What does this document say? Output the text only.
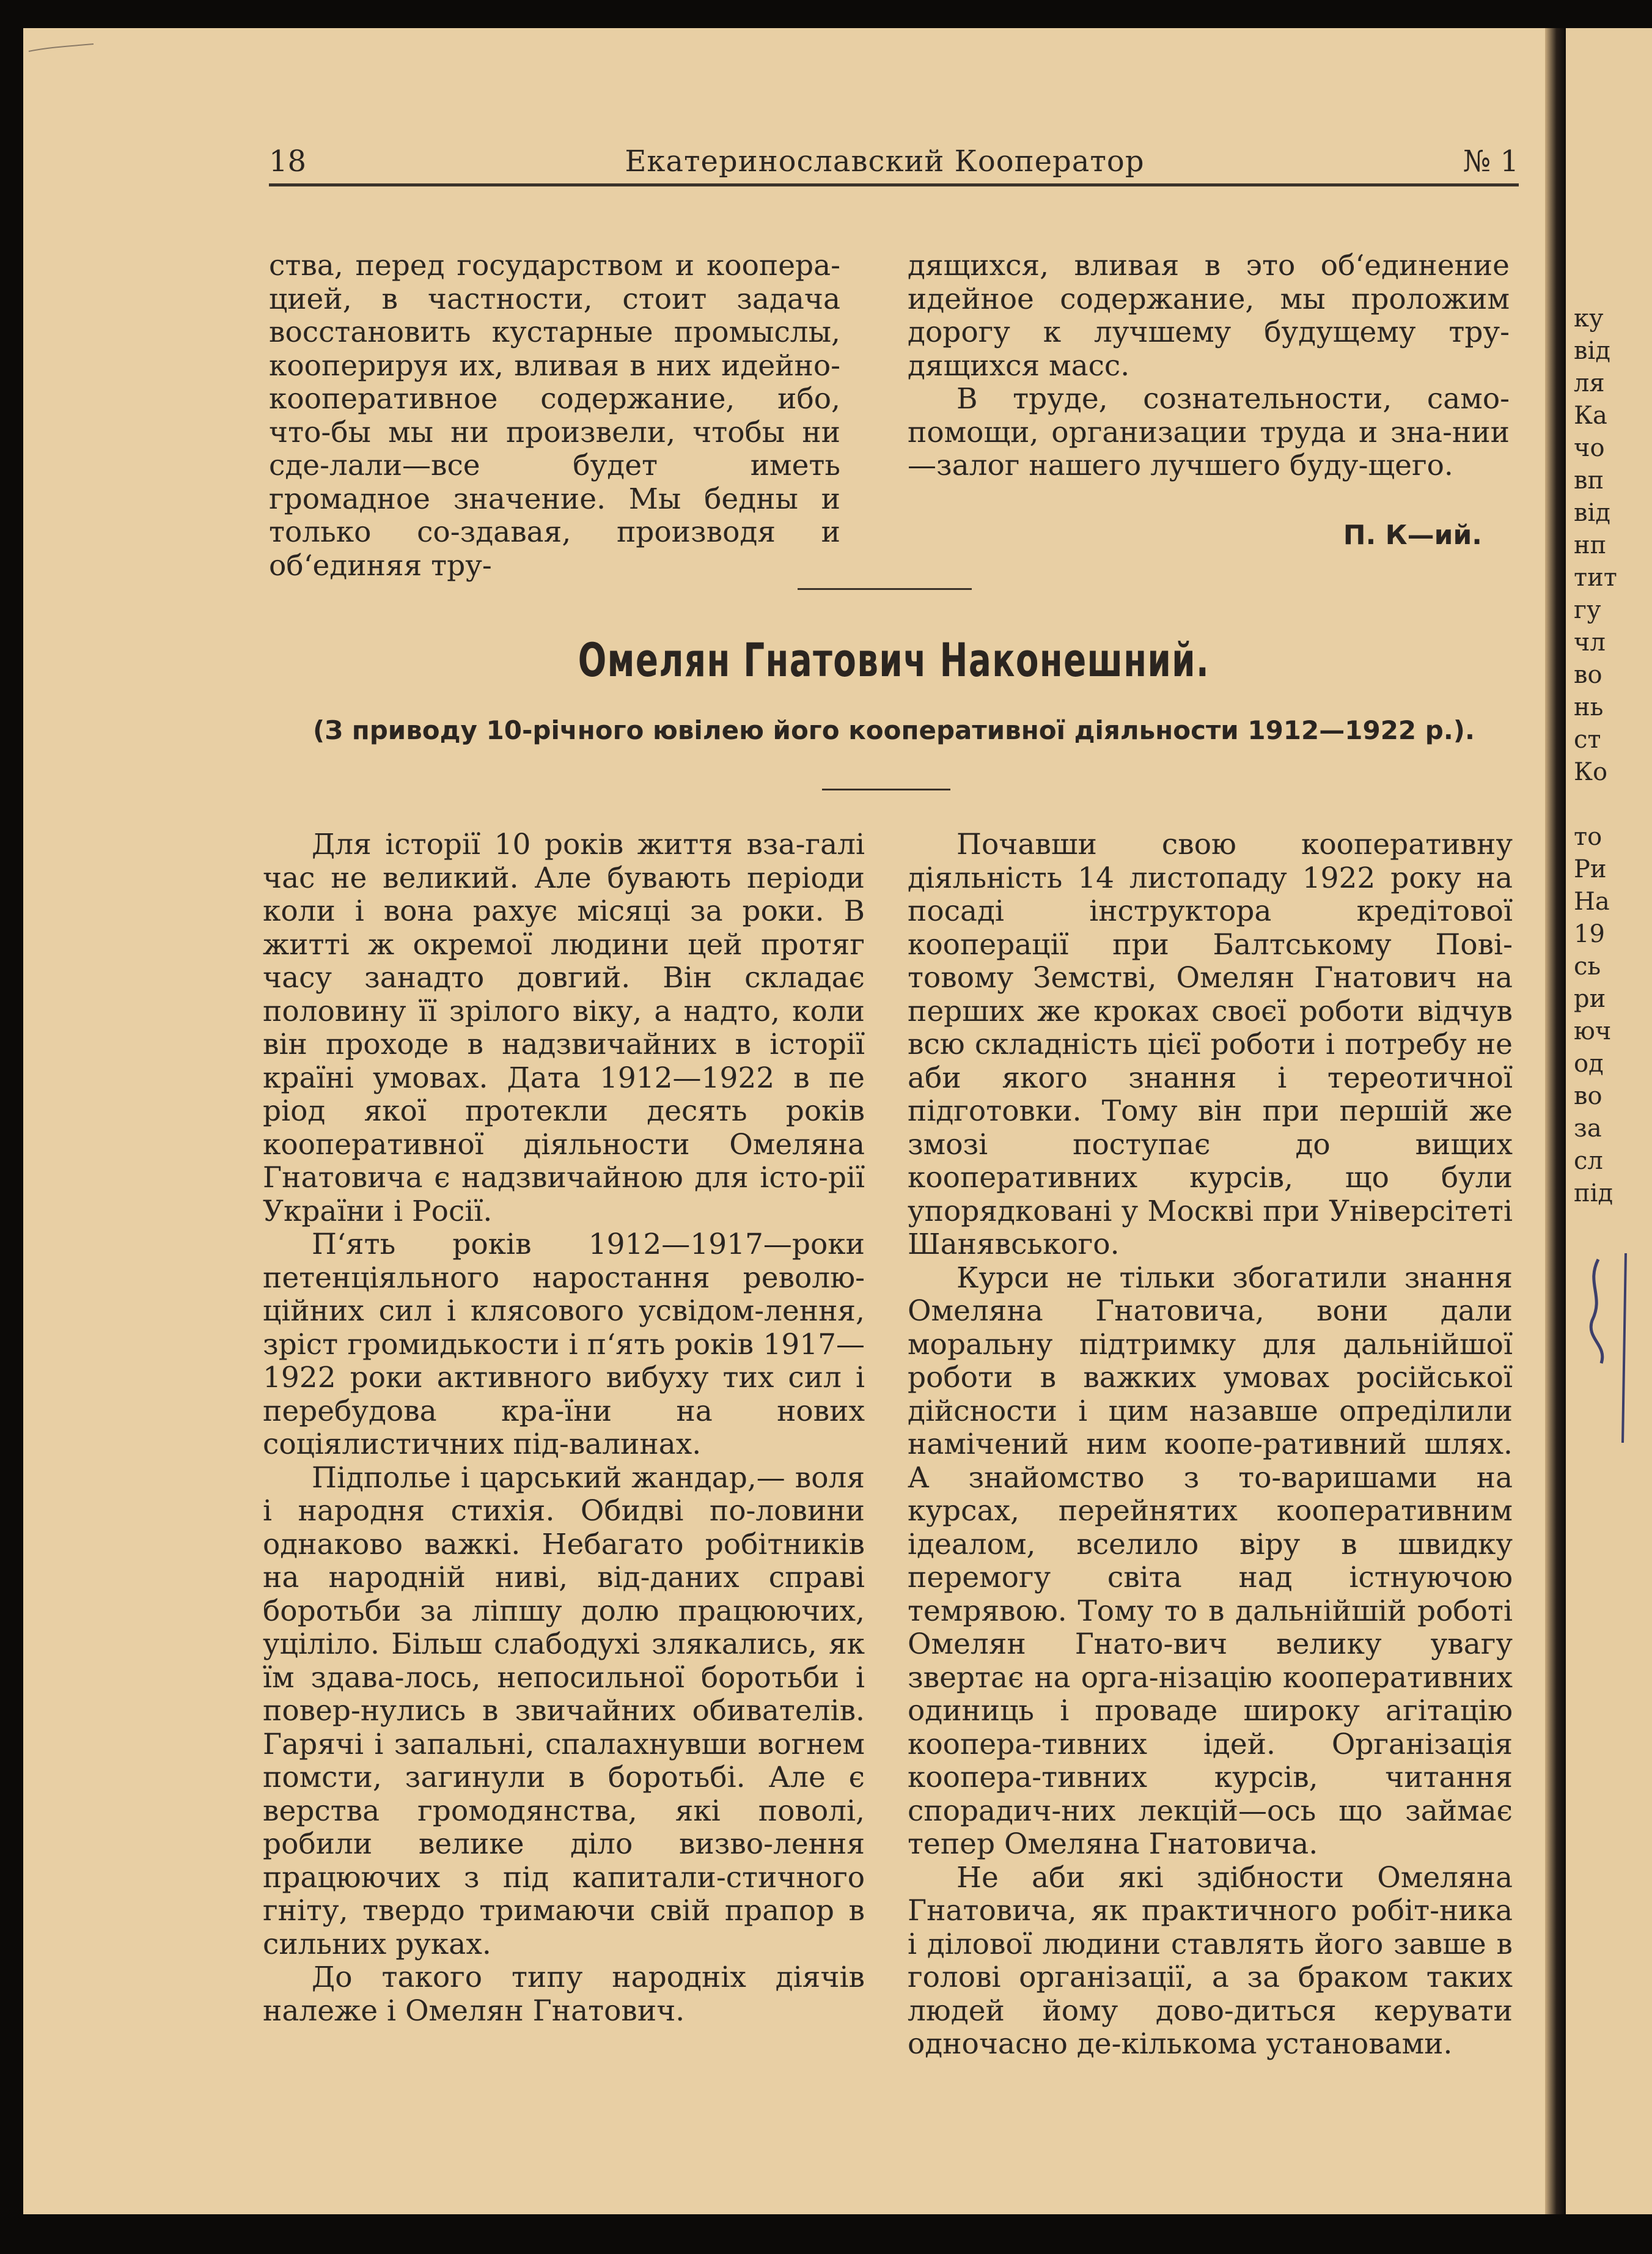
18	Екатеринославский Кооператор	№ 1

ства, перед государством и коопера-цией, в частности, стоит задача восстановить кустарные промыслы, кооперируя их, вливая в них идейно-кооперативное содержание, ибо, что-бы мы ни произвели, чтобы ни сде-лали—все будет иметь громадное значение. Мы бедны и только со-здавая, производя и об‘единяя тру-

дящихся, вливая в это об‘единение идейное содержание, мы проложим дорогу к лучшему будущему тру-дящихся масс.

В труде, сознательности, само-помощи, организации труда и зна-нии—залог нашего лучшего буду-щего.

П. К—ий.
Омелян Гнатович Наконешний.
(З приводу 10-річного ювілею його кооперативної діяльности 1912—1922 р.).

Для історії 10 років життя вза-галі час не великий. Але бувають періоди коли і вона рахує місяці за роки. В житті ж окремої людини цей протяг часу занадто довгий. Він складає половину її зрілого віку, а надто, коли він проходе в надзвичайних в історії країні умовах. Дата 1912—1922 в пе ріод якої протекли десять років кооперативної діяльности Омеляна Гнатовича є надзвичайною для істо-рії України і Росії.

П‘ять років 1912—1917—роки петенціяльного наростання револю-ційних сил і клясового усвідом-лення, зріст громидькости і п‘ять років 1917—1922 роки активного вибуху тих сил і перебудова кра-їни на нових соціялистичних під-валинах.

Підполье і царський жандар,— воля і народня стихія. Обидві по-ловини однаково важкі. Небагато робітників на народній ниві, від-даних справі боротьби за ліпшу долю працюючих, уціліло. Більш слабодухі злякались, як їм здава-лось, непосильної боротьби і повер-нулись в звичайних обивателів. Гарячі і запальні, спалахнувши вогнем помсти, загинули в боротьбі. Але є верства громодянства, які поволі, робили велике діло визво-лення працюючих з під капитали-стичного гніту, твердо тримаючи свій прапор в сильних руках.

До такого типу народніх діячів належе і Омелян Гнатович.

Почавши свою кооперативну діяльність 14 листопаду 1922 року на посаді інструктора кредітової кооперації при Балтському Пові-товому Земстві, Омелян Гнатович на перших же кроках своєї роботи відчув всю складність цієї роботи і потребу не аби якого знання і тереотичної підготовки. Тому він при першій же змозі поступає до вищих кооперативних курсів, що були упорядковані у Москві при Універсітеті Шанявського.

Курси не тільки збогатили знання Омеляна Гнатовича, вони дали моральну підтримку для дальнійшої роботи в важких умовах російської дійсности і цим назавше опреділили намічений ним коопе-ративний шлях. А знайомство з то-варишами на курсах, перейнятих кооперативним ідеалом, вселило віру в швидку перемогу світа над істнуючою темрявою. Тому то в дальнійшій роботі Омелян Гнато-вич велику увагу звертає на орга-нізацію кооперативних одиниць і проваде широку агітацію коопера-тивних ідей. Організація коопера-тивних курсів, читання спорадич-них лекцій—ось що займає тепер Омеляна Гнатовича.

Не аби які здібности Омеляна Гнатовича, як практичного робіт-ника і ділової людини ставлять його завше в голові організації, а за браком таких людей йому дово-диться керувати одночасно де-кількома установами.

ку
від
ля
Ка
чо
вп
від
нп
тит
гу
чл
во
нь
ст
Ко

то
Ри
На
19
сь
ри
юч
од
во
за
сл
під
